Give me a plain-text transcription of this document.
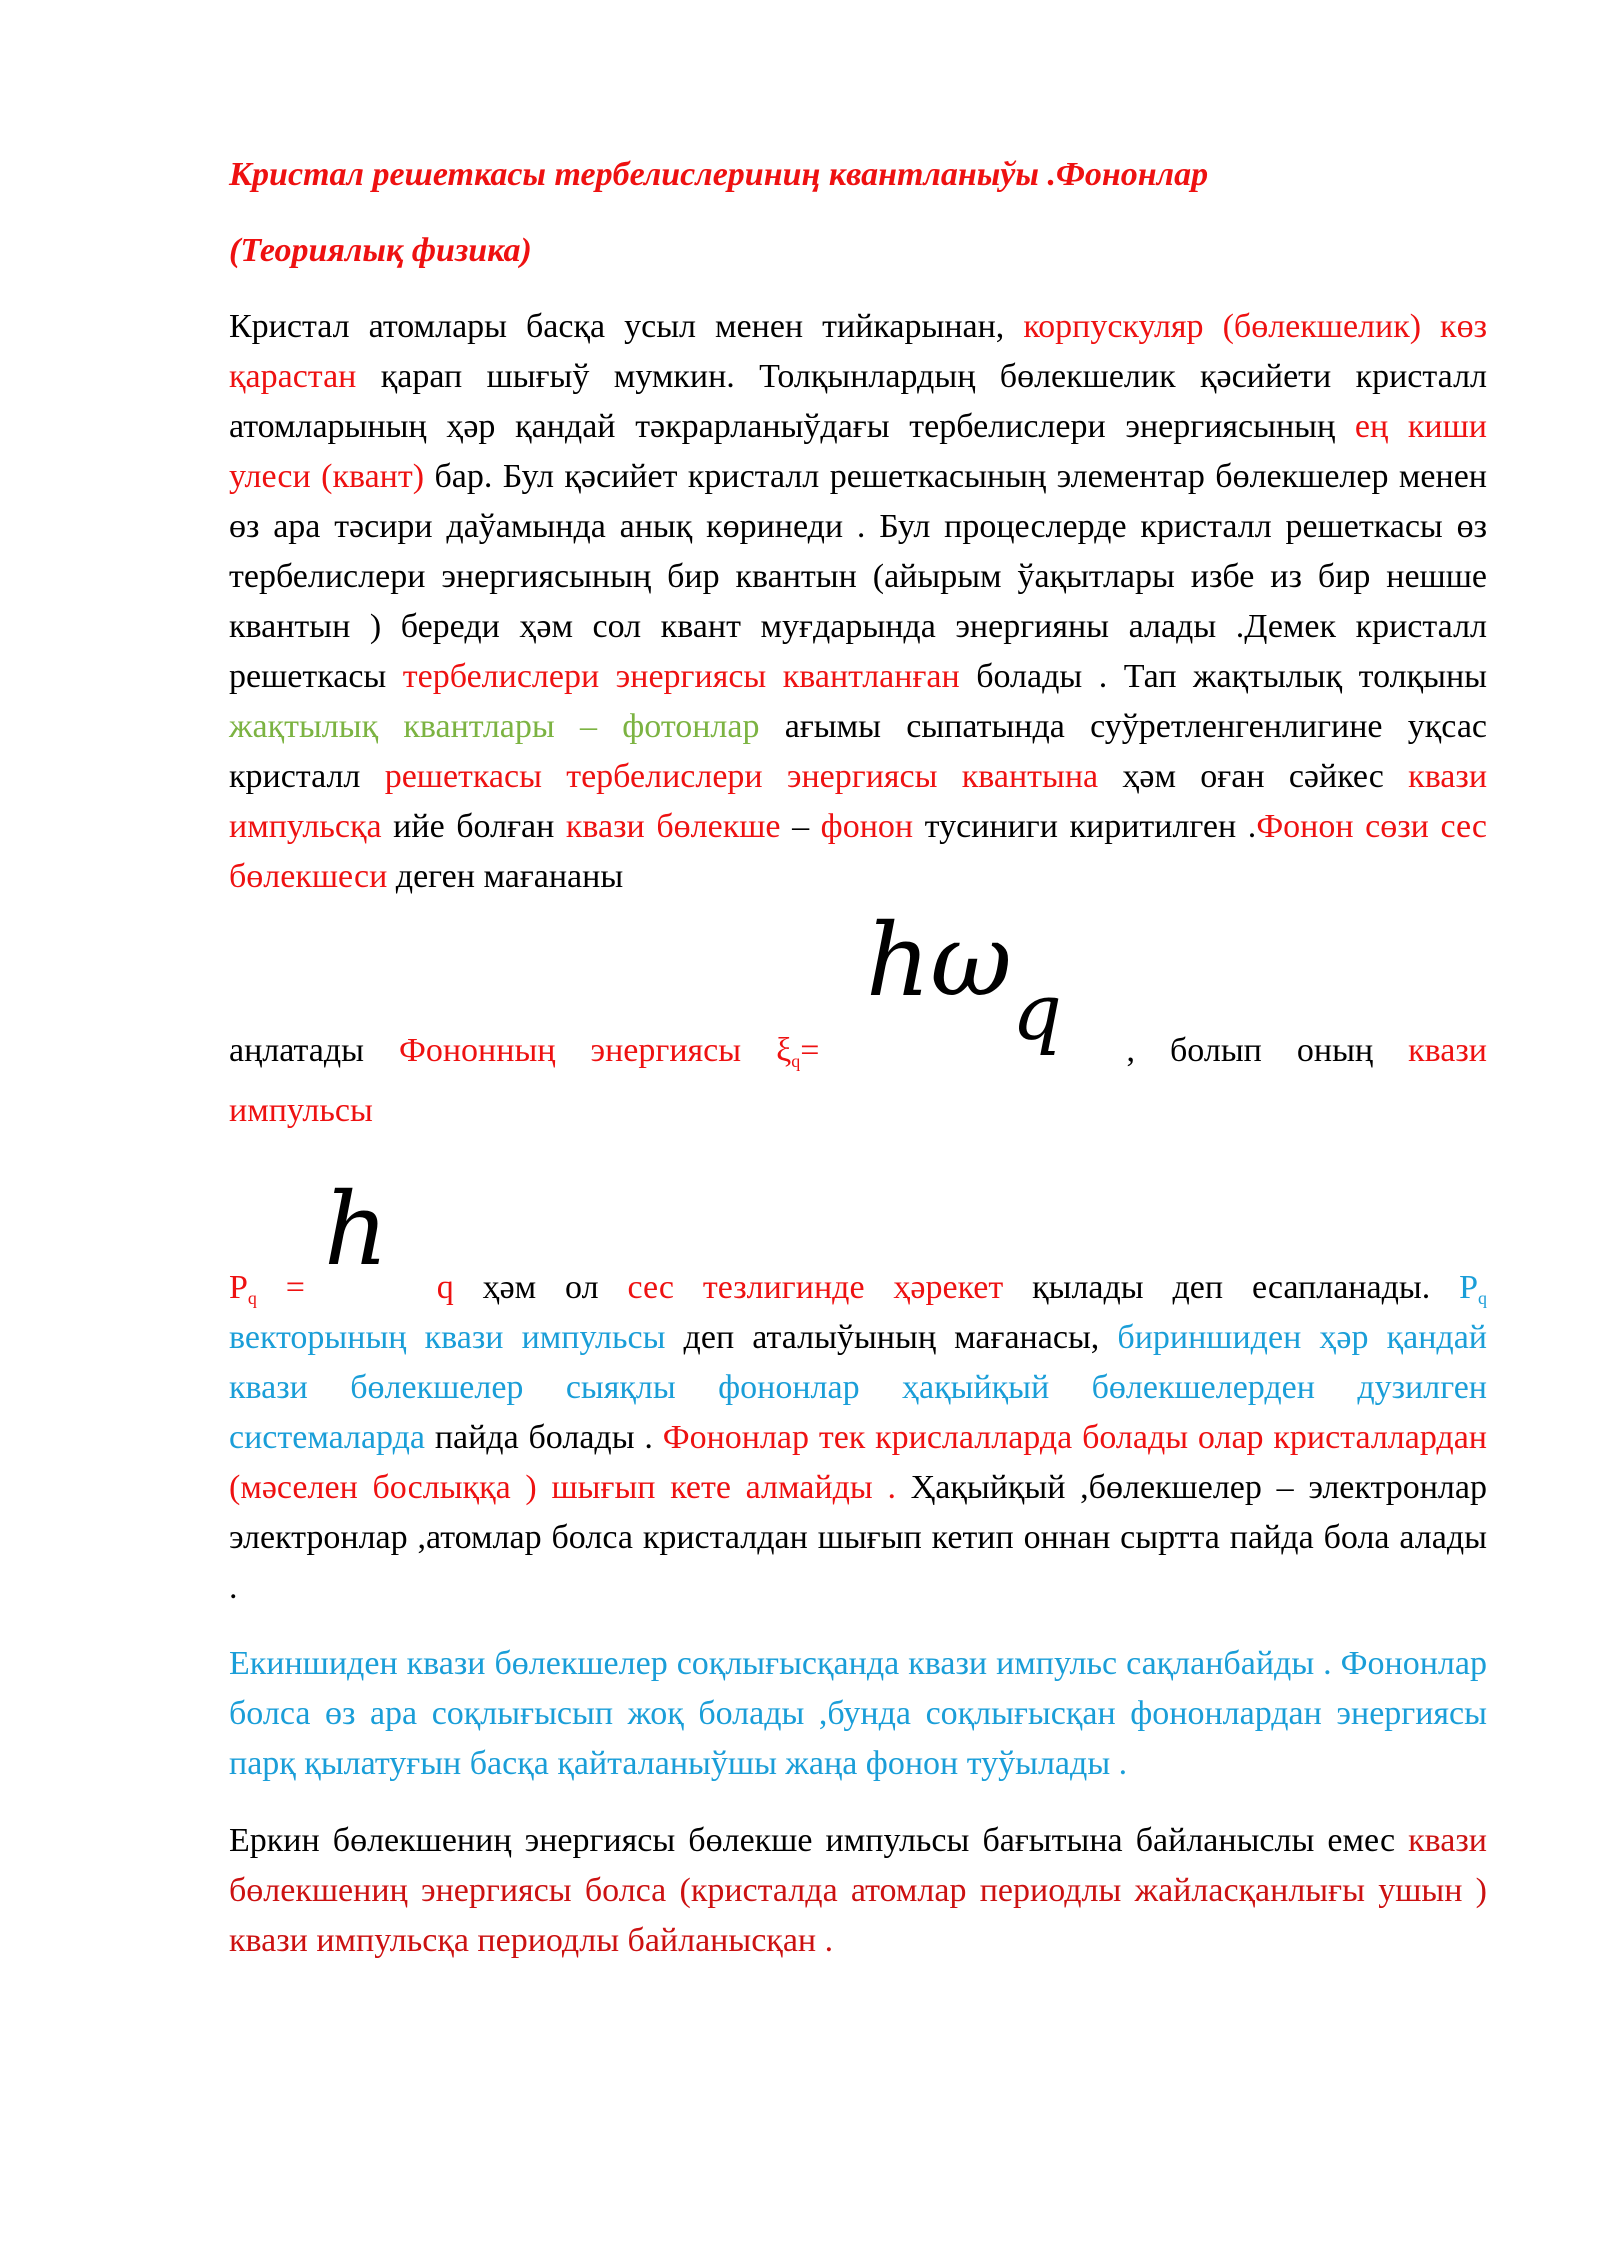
Кристал решеткасы тербелислериниң квантланыўы .Фононлар

(Теориялық физика)

Кристал атомлары басқа усыл менен тийкарынан, корпускуляр (бөлекшелик) көз қарастан қарап шығыў мумкин. Толқынлардың бөлекшелик қәсийети кристалл атомларының ҳәр қандай тәкрарланыўдағы тербелислери энергиясының ең киши улеси (квант) бар. Бул қәсийет кристалл решеткасының элементар бөлекшелер менен өз ара тәсири даўамында анық көринеди . Бул процеслерде кристалл решеткасы өз тербелислери энергиясының бир квантын (айырым ўақытлары избе из бир нешше квантын ) береди ҳәм сол квант муғдарында энергияны алады .Демек кристалл решеткасы тербелислери энергиясы квантланған болады . Тап жақтылық толқыны жақтылық квантлары – фотонлар ағымы сыпатында суўретленгенлигине уқсас кристалл решеткасы тербелислери энергиясы квантына ҳәм оған сәйкес квази импульсқа ийе болған квази бөлекше – фонон тусиниги киритилген .Фонон сөзи сес бөлекшеси деген мағананы

$h\omega_q$

аңлатады Фононның энергиясы $\xi_q=$	, болып оның квази
импульсы

h

$P_q = q$ ҳәм ол сес тезлигинде ҳәрекет қылады деп есапланады. $P_q$

векторының квази импульсы деп аталыўының мағанасы, бириншиден ҳәр қандай квази бөлекшелер сыяқлы фононлар ҳақыйқый бөлекшелерден дузилген системаларда пайда болады . Фононлар тек крислалларда болады олар кристаллардан (мәселен бослыққа ) шығып кете алмайды . Ҳақыйқый ,бөлекшелер – электронлар электронлар ,атомлар болса кристалдан шығып кетип оннан сыртта пайда бола алады .

Екиншиден квази бөлекшелер соқлығысқанда квази импульс сақланбайды . Фононлар болса өз ара соқлығысып жоқ болады ,бунда соқлығысқан фононлардан энергиясы парқ қылатуғын басқа қайталаныўшы жаңа фонон туўылады .

Еркин бөлекшениң энергиясы бөлекше импульсы бағытына байланыслы емес квази бөлекшениң энергиясы болса (кристалда атомлар периодлы жайласқанлығы ушын ) квази импульсқа периодлы байланысқан .
